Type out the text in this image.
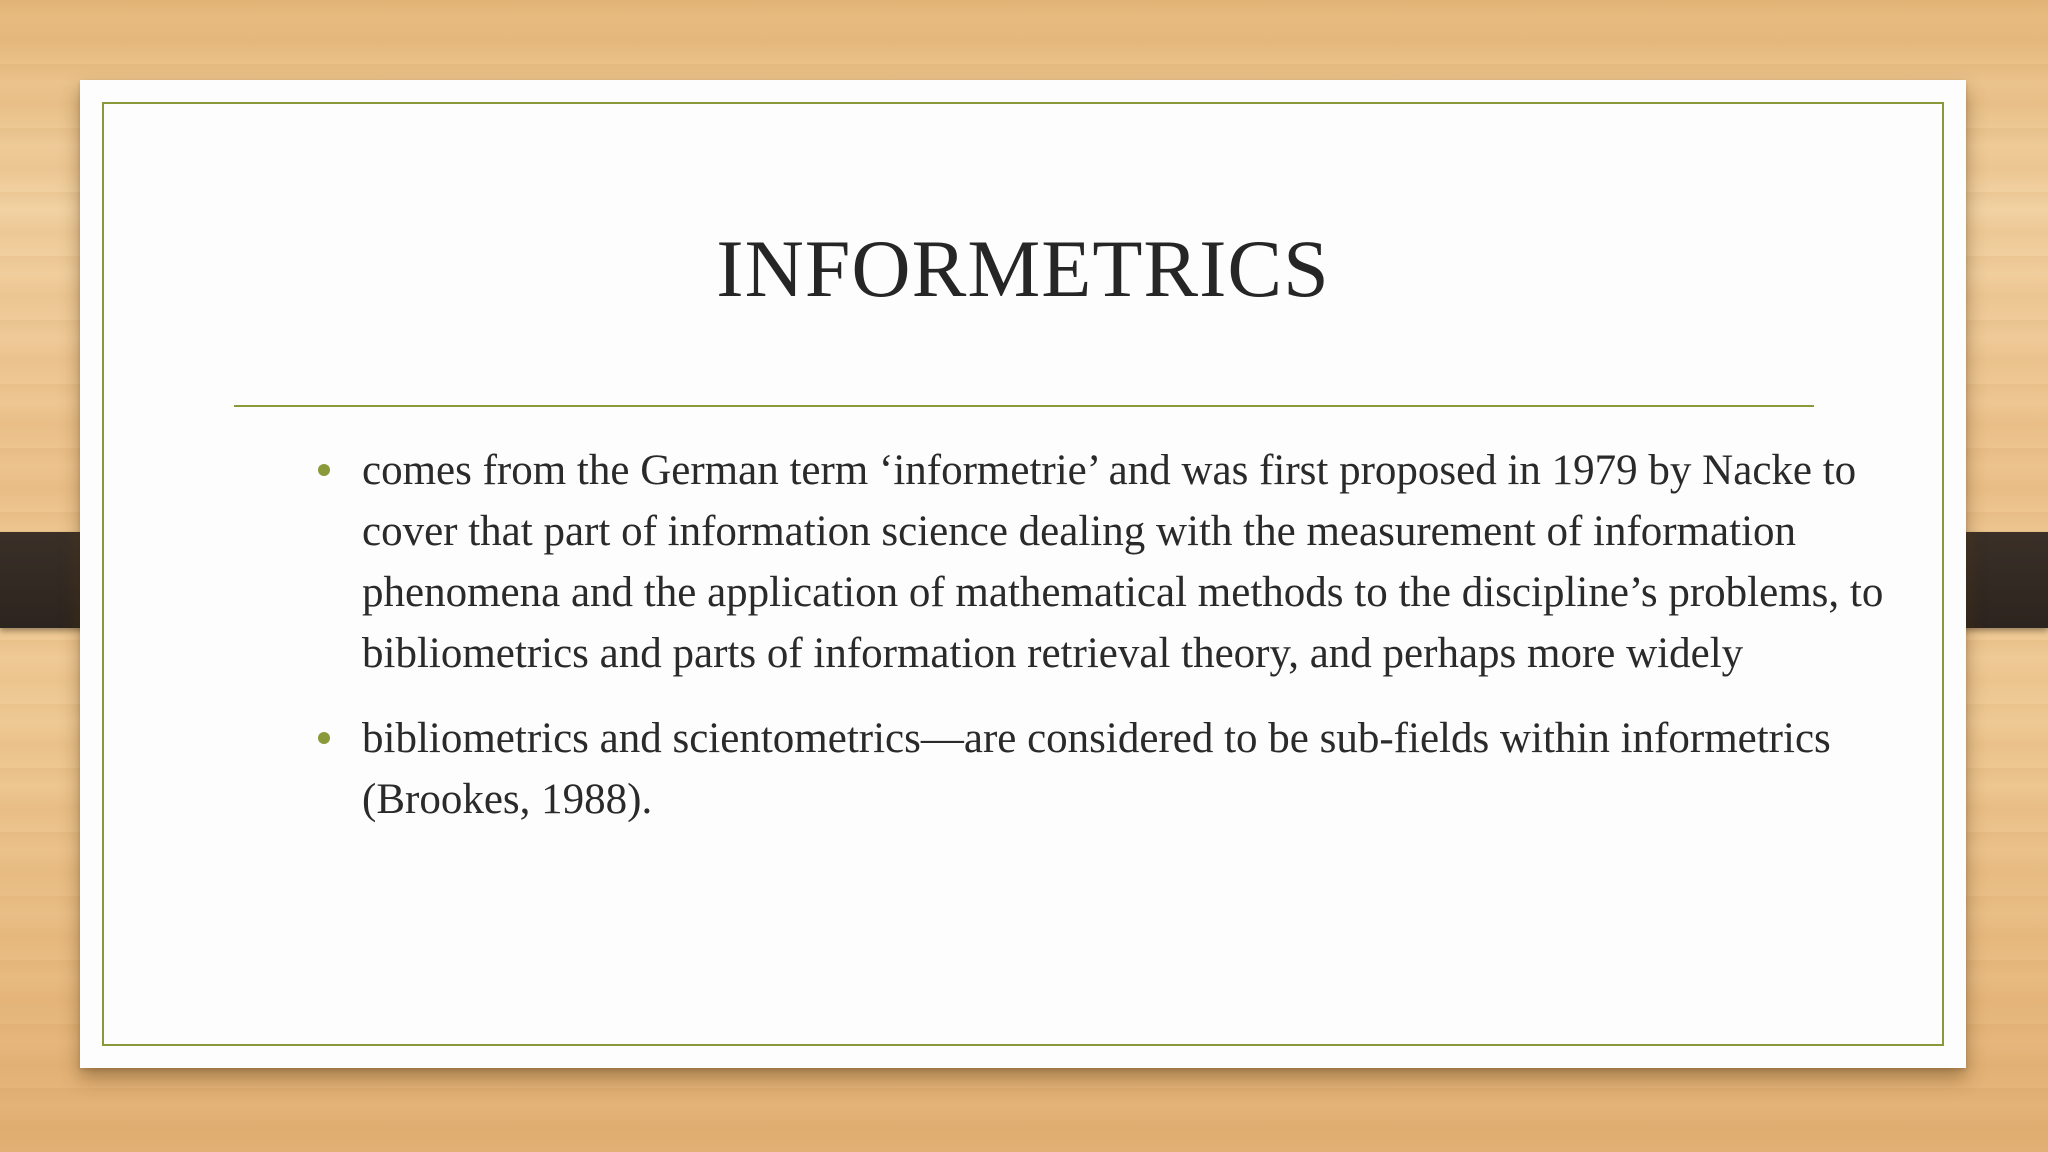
INFORMETRICS
comes from the German term ‘informetrie’ and was first proposed in 1979 by Nacke to cover that part of information science dealing with the measurement of information phenomena and the application of mathematical methods to the discipline’s problems, to bibliometrics and parts of information retrieval theory, and perhaps more widely
bibliometrics and scientometrics—are considered to be sub-fields within informetrics (Brookes, 1988).
